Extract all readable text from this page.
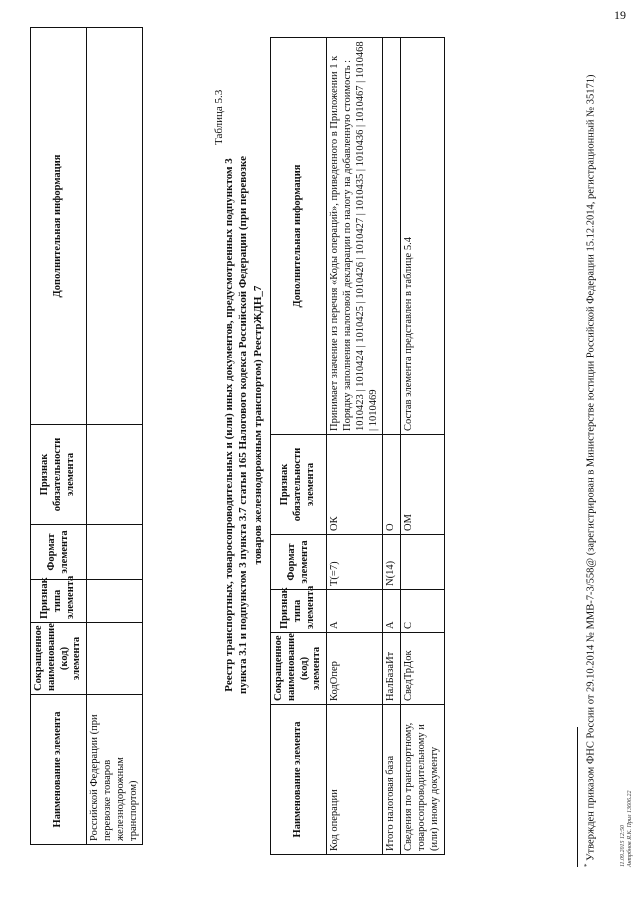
19
Наименование элемента	Сокращенное наименование (код) элемента	Признак типа элемента	Формат элемента	Признак обязательности элемента	Дополнительная информация
Российской Федерации (при перевозке товаров железнодорожным транспортом)					
Таблица 5.3
Реестр транспортных, товаросопроводительных и (или) иных документов, предусмотренных подпунктом 3 пункта 3.1 и подпунктом 3 пункта 3.7 статьи 165 Налогового кодекса Российской Федерации (при перевозке товаров железнодорожным транспортом) РеестрЖДН_7
Наименование элемента	Сокращенное наименование (код) элемента	Признак типа элемента	Формат элемента	Признак обязательности элемента	Дополнительная информация
Код операции	КодОпер	А	Т(=7)	ОК	Принимает значение из перечня «Коды операций», приведенного в Приложении 1 к Порядку заполнения налоговой декларации по налогу на добавленную стоимость : 1010423 | 1010424 | 1010425 | 1010426 | 1010427 | 1010435 | 1010436 | 1010467 | 1010468 | 1010469
Итого налоговая база	НалБазаИт	А	N(14)	О	
Сведения по транспортному, товаросопроводительному и (или) иному документу	СведТрДок	С		ОМ	Состав элемента представлен в таблице 5.4
* Утвержден приказом ФНС России от 29.10.2014 № ММВ-7-3/558@ (зарегистрирован в Министерстве юстиции Российской Федерации 15.12.2014, регистрационный № 35171)	11.09.2015 12:50 Антрбнов Я.К. Прил 13606.22
